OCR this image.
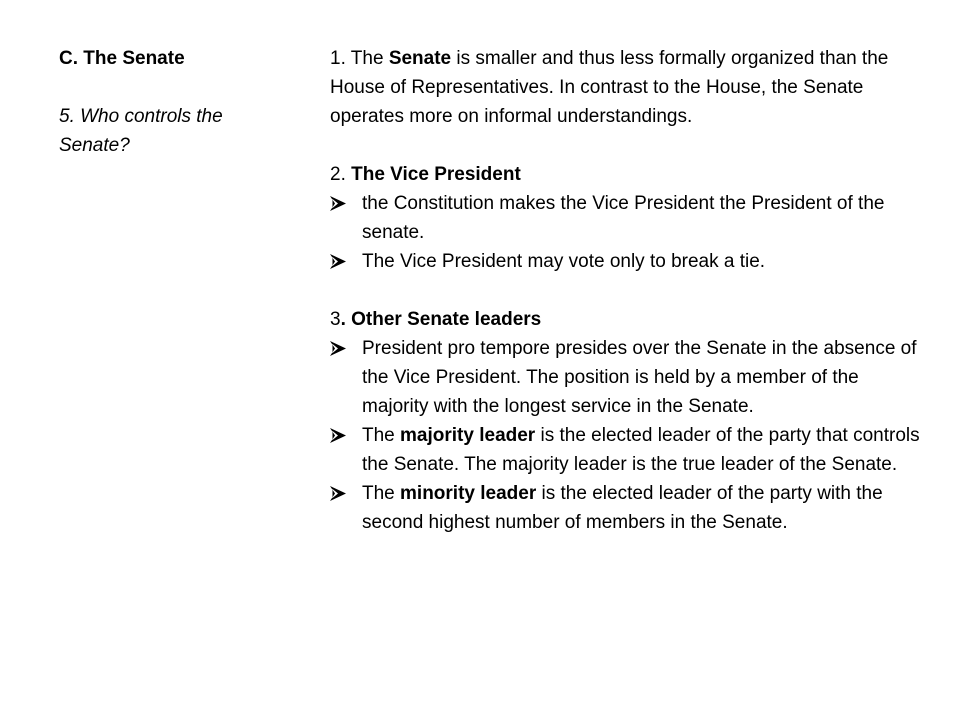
C. The Senate

5. Who controls the Senate?

1. The Senate is smaller and thus less formally organized than the House of Representatives. In contrast to the House, the Senate operates more on informal understandings.

2. The Vice President

the Constitution makes the Vice President the President of the senate.
The Vice President may vote only to break a tie.

3. Other Senate leaders

President pro tempore presides over the Senate in the absence of the Vice President. The position is held by a member of the majority with the longest service in the Senate.
The majority leader is the elected leader of the party that controls the Senate. The majority leader is the true leader of the Senate.
The minority leader is the elected leader of the party with the second highest number of members in the Senate.
